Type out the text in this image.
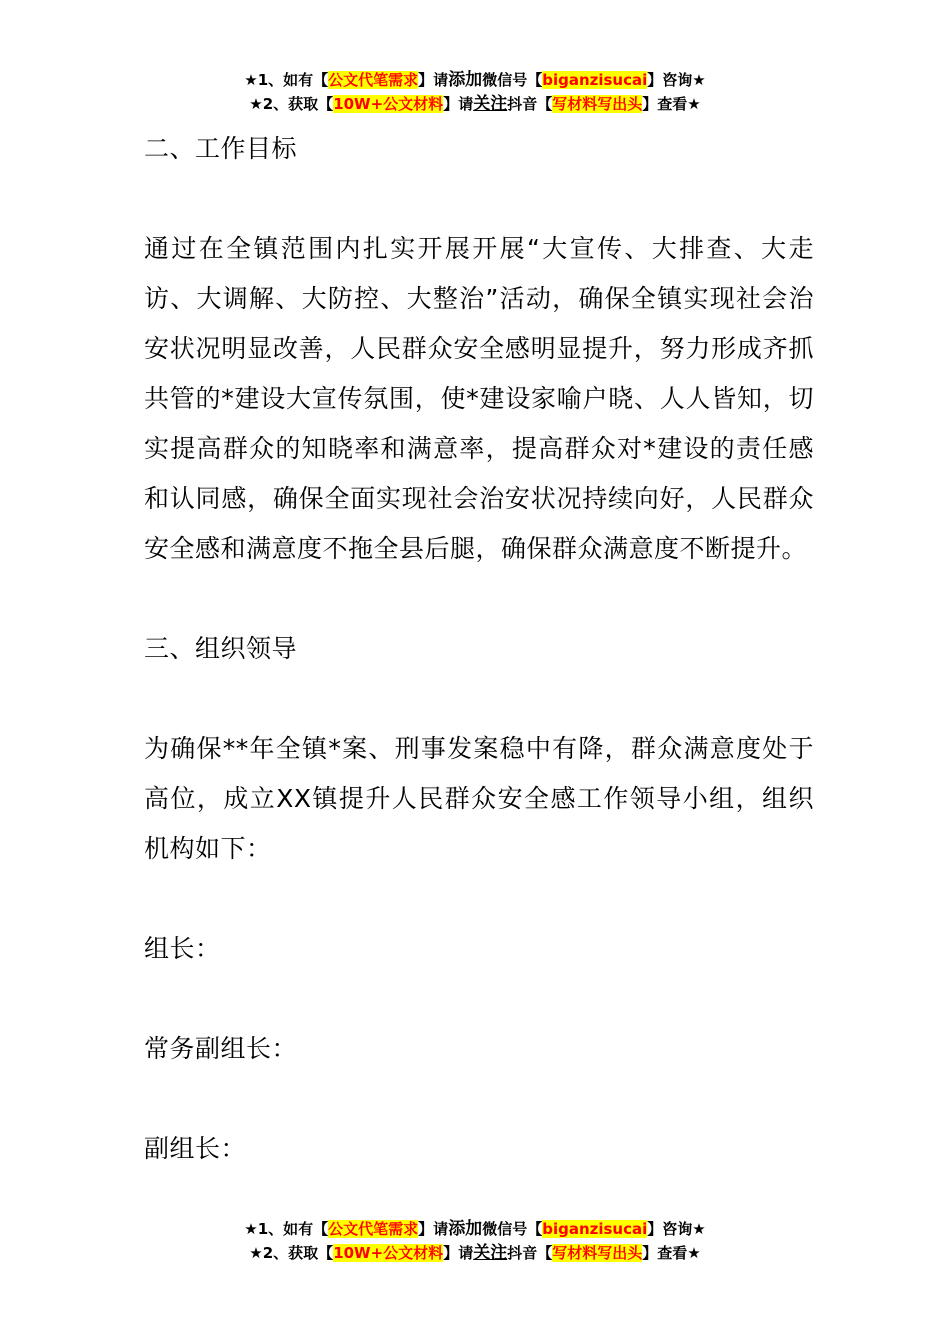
★1、如有【公文代笔需求】请添加微信号【biganzisucai】咨询★
★2、获取【10W+公文材料】请关注抖音【写材料写出头】查看★

二、工作目标

通过在全镇范围内扎实开展开展“大宣传、大排查、大走访、大调解、大防控、大整治”活动，确保全镇实现社会治安状况明显改善，人民群众安全感明显提升，努力形成齐抓共管的*建设大宣传氛围，使*建设家喻户晓、人人皆知，切实提高群众的知晓率和满意率，提高群众对*建设的责任感和认同感，确保全面实现社会治安状况持续向好，人民群众安全感和满意度不拖全县后腿，确保群众满意度不断提升。

三、组织领导

为确保**年全镇*案、刑事发案稳中有降，群众满意度处于高位，成立XX镇提升人民群众安全感工作领导小组，组织机构如下：

组长：

常务副组长：

副组长：

★1、如有【公文代笔需求】请添加微信号【biganzisucai】咨询★
★2、获取【10W+公文材料】请关注抖音【写材料写出头】查看★
